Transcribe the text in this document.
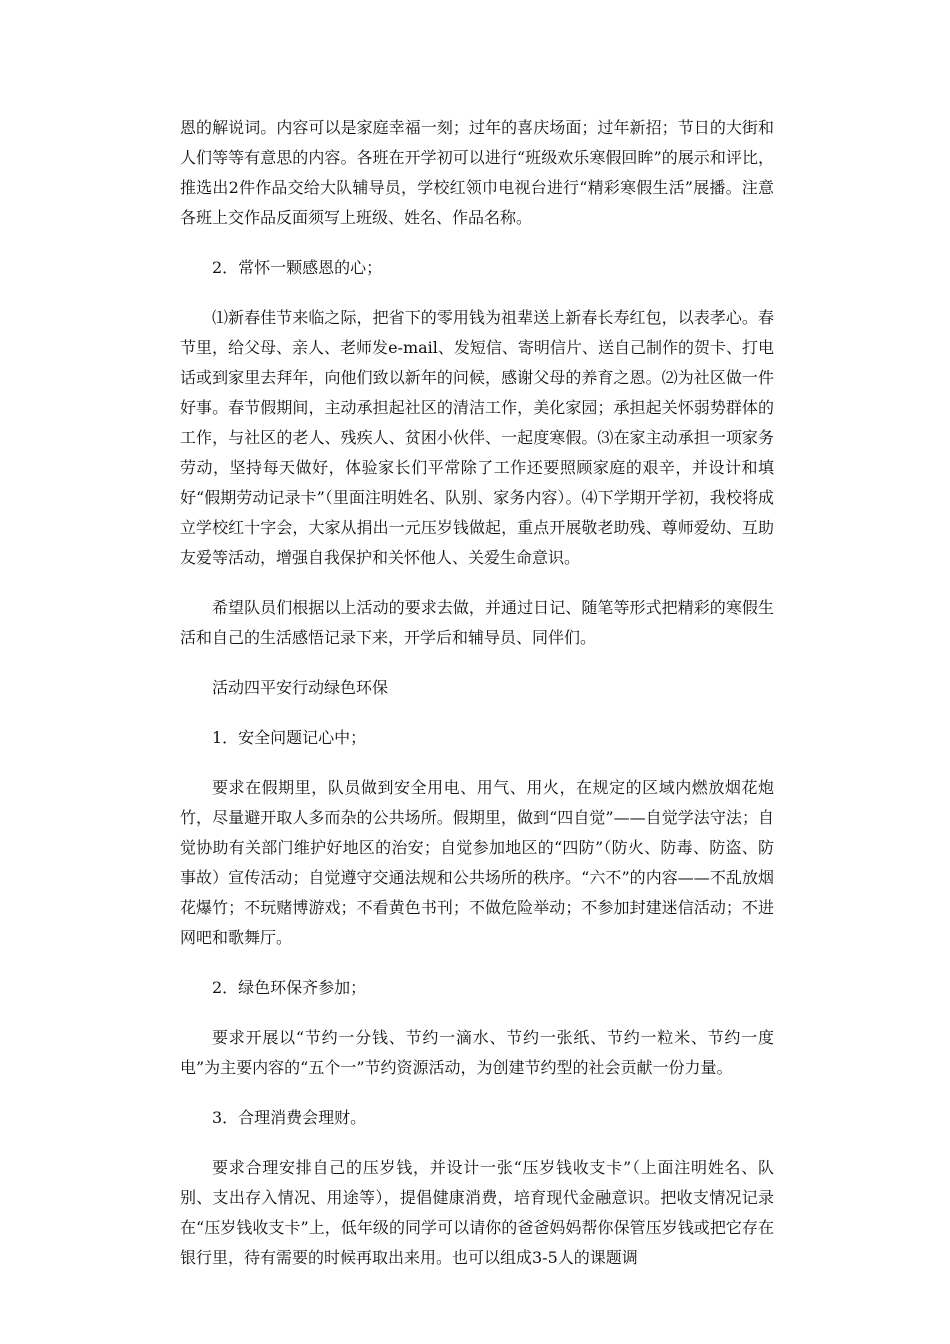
恩的解说词。内容可以是家庭幸福一刻；过年的喜庆场面；过年新招；节日的大街和人们等等有意思的内容。各班在开学初可以进行“班级欢乐寒假回眸”的展示和评比，推选出2件作品交给大队辅导员，学校红领巾电视台进行“精彩寒假生活”展播。注意各班上交作品反面须写上班级、姓名、作品名称。

2．常怀一颗感恩的心；

⑴新春佳节来临之际，把省下的零用钱为祖辈送上新春长寿红包，以表孝心。春节里，给父母、亲人、老师发e-mail、发短信、寄明信片、送自己制作的贺卡、打电话或到家里去拜年，向他们致以新年的问候，感谢父母的养育之恩。⑵为社区做一件好事。春节假期间，主动承担起社区的清洁工作，美化家园；承担起关怀弱势群体的工作，与社区的老人、残疾人、贫困小伙伴、一起度寒假。⑶在家主动承担一项家务劳动，坚持每天做好，体验家长们平常除了工作还要照顾家庭的艰辛，并设计和填好“假期劳动记录卡”（里面注明姓名、队别、家务内容）。⑷下学期开学初，我校将成立学校红十字会，大家从捐出一元压岁钱做起，重点开展敬老助残、尊师爱幼、互助友爱等活动，增强自我保护和关怀他人、关爱生命意识。

希望队员们根据以上活动的要求去做，并通过日记、随笔等形式把精彩的寒假生活和自己的生活感悟记录下来，开学后和辅导员、同伴们。

活动四平安行动绿色环保

1．安全问题记心中；

要求在假期里，队员做到安全用电、用气、用火，在规定的区域内燃放烟花炮竹，尽量避开取人多而杂的公共场所。假期里，做到“四自觉”——自觉学法守法；自觉协助有关部门维护好地区的治安；自觉参加地区的“四防”（防火、防毒、防盗、防事故）宣传活动；自觉遵守交通法规和公共场所的秩序。“六不”的内容——不乱放烟花爆竹；不玩赌博游戏；不看黄色书刊；不做危险举动；不参加封建迷信活动；不进网吧和歌舞厅。

2．绿色环保齐参加；

要求开展以“节约一分钱、节约一滴水、节约一张纸、节约一粒米、节约一度电”为主要内容的“五个一”节约资源活动，为创建节约型的社会贡献一份力量。

3．合理消费会理财。

要求合理安排自己的压岁钱，并设计一张“压岁钱收支卡”（上面注明姓名、队别、支出存入情况、用途等），提倡健康消费，培育现代金融意识。把收支情况记录在“压岁钱收支卡”上，低年级的同学可以请你的爸爸妈妈帮你保管压岁钱或把它存在银行里，待有需要的时候再取出来用。也可以组成3-5人的课题调
